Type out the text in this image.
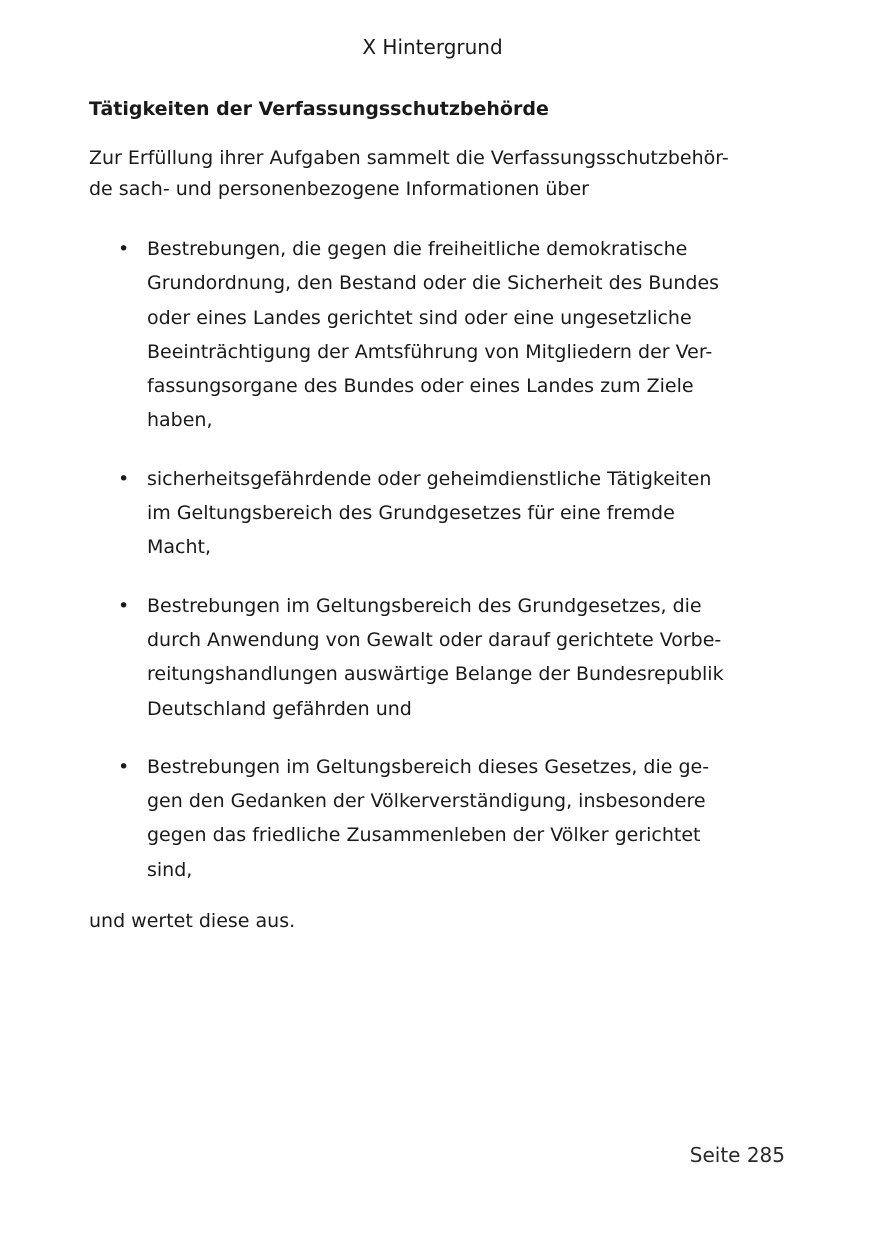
X Hintergrund
Tätigkeiten der Verfassungsschutzbehörde

Zur Erfüllung ihrer Aufgaben sammelt die Verfassungsschutzbehör-
de sach- und personenbezogene Informationen über

• Bestrebungen, die gegen die freiheitliche demokratische
Grundordnung, den Bestand oder die Sicherheit des Bundes
oder eines Landes gerichtet sind oder eine ungesetzliche
Beeinträchtigung der Amtsführung von Mitgliedern der Ver-
fassungsorgane des Bundes oder eines Landes zum Ziele
haben,
• sicherheitsgefährdende oder geheimdienstliche Tätigkeiten
im Geltungsbereich des Grundgesetzes für eine fremde
Macht,
• Bestrebungen im Geltungsbereich des Grundgesetzes, die
durch Anwendung von Gewalt oder darauf gerichtete Vorbe-
reitungshandlungen auswärtige Belange der Bundesrepublik
Deutschland gefährden und
• Bestrebungen im Geltungsbereich dieses Gesetzes, die ge-
gen den Gedanken der Völkerverständigung, insbesondere
gegen das friedliche Zusammenleben der Völker gerichtet
sind,

und wertet diese aus.

Seite 285
